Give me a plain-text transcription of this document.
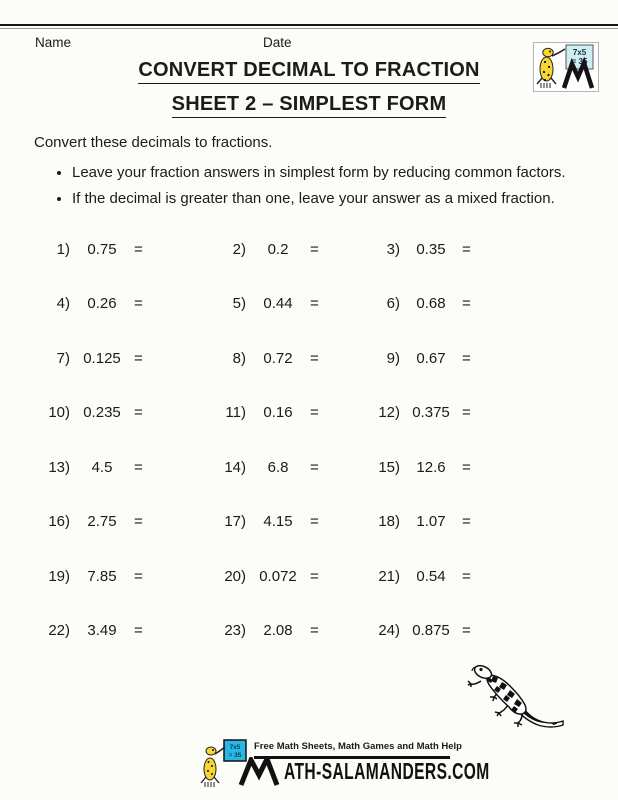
Name	Date
7x5
= 35
CONVERT DECIMAL TO FRACTION
SHEET 2 – SIMPLEST FORM
Convert these decimals to fractions.
• Leave your fraction answers in simplest form by reducing common factors.
• If the decimal is greater than one, leave your answer as a mixed fraction.
1)	0.75	=	2)	0.2	=	3)	0.35	=
4)	0.26	=	5)	0.44	=	6)	0.68	=
7)	0.125	=	8)	0.72	=	9)	0.67	=
10)	0.235	=	11)	0.16	=	12)	0.375	=
13)	4.5	=	14)	6.8	=	15)	12.6	=
16)	2.75	=	17)	4.15	=	18)	1.07	=
19)	7.85	=	20)	0.072	=	21)	0.54	=
22)	3.49	=	23)	2.08	=	24)	0.875	=
7x5
= 35
Free Math Sheets, Math Games and Math Help
ATH-SALAMANDERS.COM
